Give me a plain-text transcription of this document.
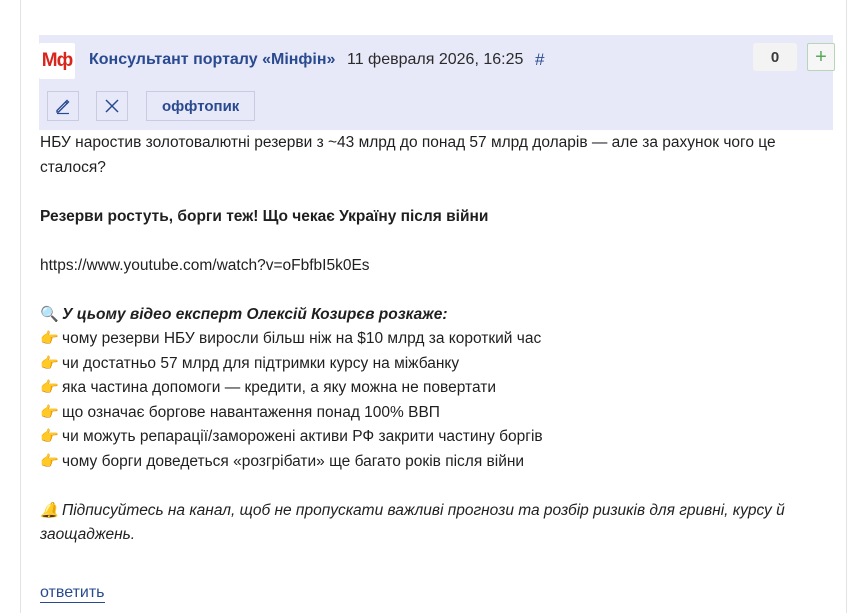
Мф Консультант порталу «Мінфін» 11 февраля 2026, 16:25 #	0	+
оффтопик

НБУ наростив золотовалютні резерви з ~43 млрд до понад 57 млрд доларів — але за рахунок чого це сталося?

Резерви ростуть, борги теж! Що чекає Україну після війни

https://www.youtube.com/watch?v=oFbfbI5k0Es

🔍 У цьому відео експерт Олексій Козирєв розкаже:

👉 чому резерви НБУ виросли більш ніж на $10 млрд за короткий час

👉 чи достатньо 57 млрд для підтримки курсу на міжбанку

👉 яка частина допомоги — кредити, а яку можна не повертати

👉 що означає боргове навантаження понад 100% ВВП

👉 чи можуть репарації/заморожені активи РФ закрити частину боргів

👉 чому борги доведеться «розгрібати» ще багато років після війни

🔔 Підписуйтесь на канал, щоб не пропускати важливі прогнози та розбір ризиків для гривні, курсу й заощаджень.

ответить
